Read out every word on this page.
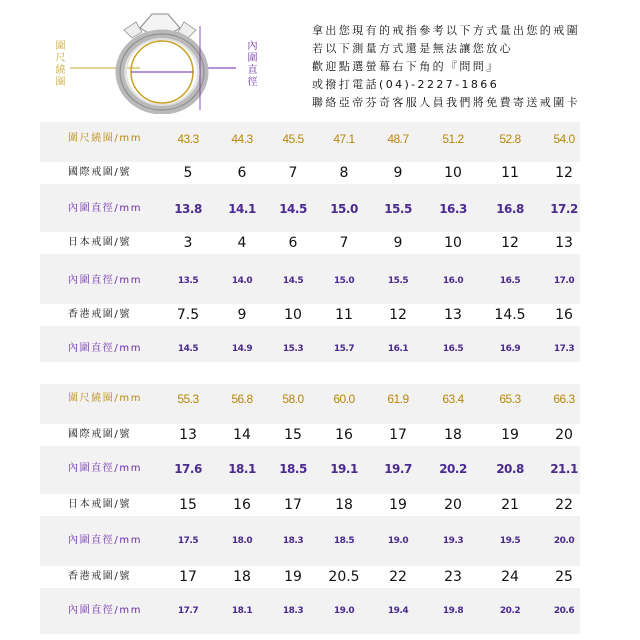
圍尺繞圈	內圍直徑
拿出您現有的戒指參考以下方式量出您的戒圍
若以下測量方式還是無法讓您放心
歡迎點選螢幕右下角的『問問』
或撥打電話(04)-2227-1866
聯絡亞帝芬奇客服人員我們將免費寄送戒圍卡
圍尺繞圈/mm	43.3	44.3	45.5	47.1	48.7	51.2	52.8	54.0
國際戒圍/號	5	6	7	8	9	10	11	12
內圍直徑/mm	13.8	14.1	14.5	15.0	15.5	16.3	16.8	17.2
日本戒圍/號	3	4	6	7	9	10	12	13
內圍直徑/mm	13.5	14.0	14.5	15.0	15.5	16.0	16.5	17.0
香港戒圍/號	7.5	9	10	11	12	13	14.5	16
內圍直徑/mm	14.5	14.9	15.3	15.7	16.1	16.5	16.9	17.3
圍尺繞圈/mm	55.3	56.8	58.0	60.0	61.9	63.4	65.3	66.3
國際戒圍/號	13	14	15	16	17	18	19	20
內圍直徑/mm	17.6	18.1	18.5	19.1	19.7	20.2	20.8	21.1
日本戒圍/號	15	16	17	18	19	20	21	22
內圍直徑/mm	17.5	18.0	18.3	18.5	19.0	19.3	19.5	20.0
香港戒圍/號	17	18	19	20.5	22	23	24	25
內圍直徑/mm	17.7	18.1	18.3	19.0	19.4	19.8	20.2	20.6
